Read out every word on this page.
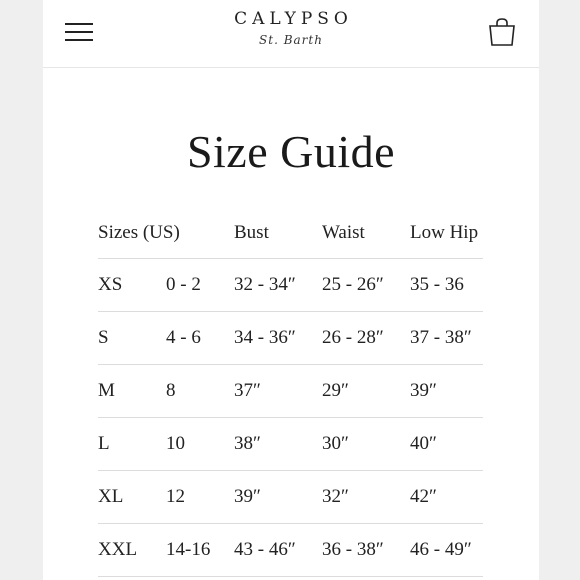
CALYPSO
St. Barth
Size Guide
Sizes (US)		Bust	Waist	Low Hip
XS	0 - 2	32 - 34″	25 - 26″	35 - 36
S	4 - 6	34 - 36″	26 - 28″	37 - 38″
M	8	37″	29″	39″
L	10	38″	30″	40″
XL	12	39″	32″	42″
XXL	14-16	43 - 46″	36 - 38″	46 - 49″
